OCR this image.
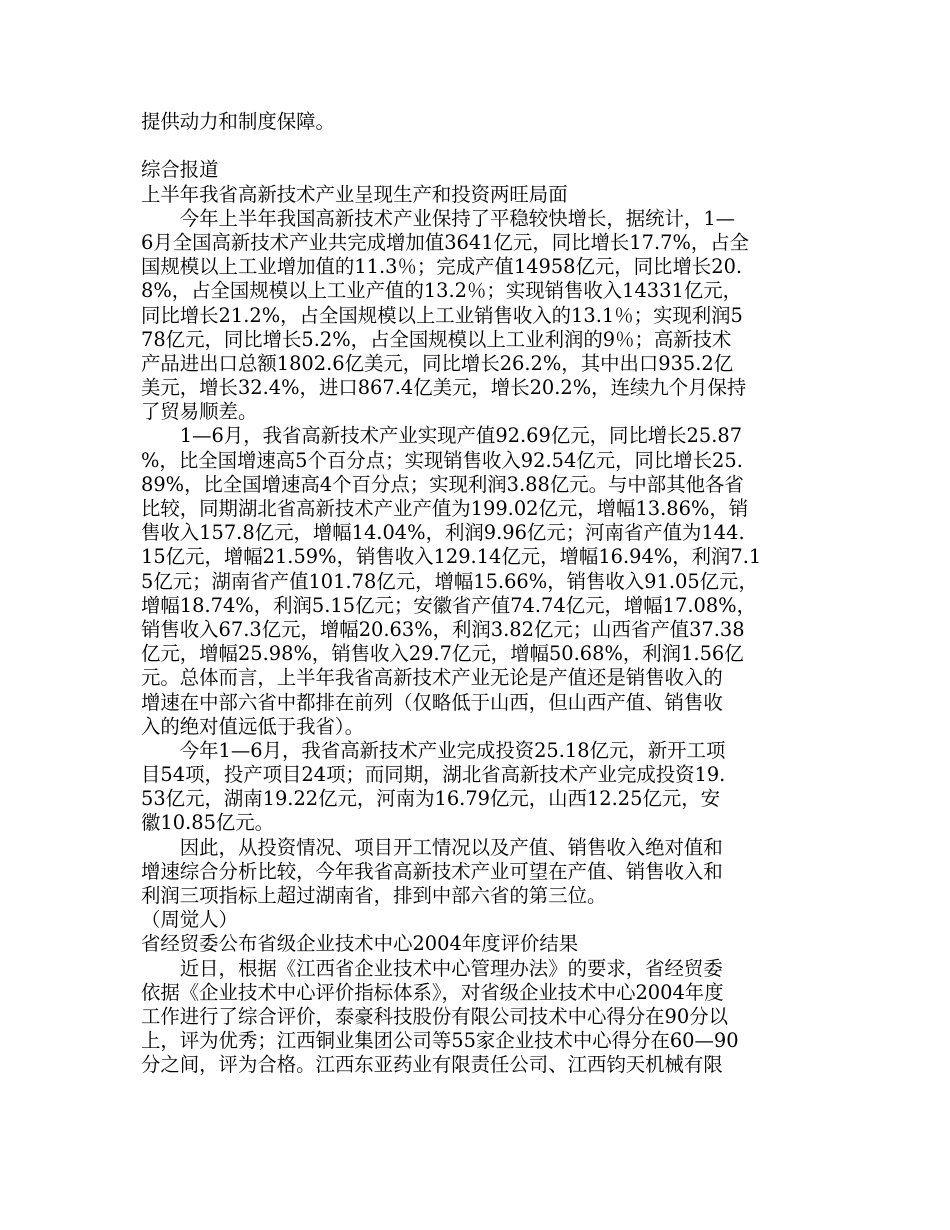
提供动力和制度保障。
综合报道
上半年我省高新技术产业呈现生产和投资两旺局面
　　今年上半年我国高新技术产业保持了平稳较快增长，据统计，1—
6月全国高新技术产业共完成增加值3641亿元，同比增长17.7%，占全
国规模以上工业增加值的11.3％；完成产值14958亿元，同比增长20.
8%，占全国规模以上工业产值的13.2％；实现销售收入14331亿元，
同比增长21.2%，占全国规模以上工业销售收入的13.1％；实现利润5
78亿元，同比增长5.2%，占全国规模以上工业利润的9％；高新技术
产品进出口总额1802.6亿美元，同比增长26.2%，其中出口935.2亿
美元，增长32.4%，进口867.4亿美元，增长20.2%，连续九个月保持
了贸易顺差。
　　1—6月，我省高新技术产业实现产值92.69亿元，同比增长25.87
%，比全国增速高5个百分点；实现销售收入92.54亿元，同比增长25.
89%，比全国增速高4个百分点；实现利润3.88亿元。与中部其他各省
比较，同期湖北省高新技术产业产值为199.02亿元，增幅13.86%，销
售收入157.8亿元，增幅14.04%，利润9.96亿元；河南省产值为144.
15亿元，增幅21.59%，销售收入129.14亿元，增幅16.94%，利润7.1
5亿元；湖南省产值101.78亿元，增幅15.66%，销售收入91.05亿元，
增幅18.74%，利润5.15亿元；安徽省产值74.74亿元，增幅17.08%，
销售收入67.3亿元，增幅20.63%，利润3.82亿元；山西省产值37.38
亿元，增幅25.98%，销售收入29.7亿元，增幅50.68%，利润1.56亿
元。总体而言，上半年我省高新技术产业无论是产值还是销售收入的
增速在中部六省中都排在前列（仅略低于山西，但山西产值、销售收
入的绝对值远低于我省）。
　　今年1—6月，我省高新技术产业完成投资25.18亿元，新开工项
目54项，投产项目24项；而同期，湖北省高新技术产业完成投资19.
53亿元，湖南19.22亿元，河南为16.79亿元，山西12.25亿元，安
徽10.85亿元。
　　因此，从投资情况、项目开工情况以及产值、销售收入绝对值和
增速综合分析比较，今年我省高新技术产业可望在产值、销售收入和
利润三项指标上超过湖南省，排到中部六省的第三位。
（周觉人）
省经贸委公布省级企业技术中心2004年度评价结果
　　近日，根据《江西省企业技术中心管理办法》的要求，省经贸委
依据《企业技术中心评价指标体系》，对省级企业技术中心2004年度
工作进行了综合评价，泰豪科技股份有限公司技术中心得分在90分以
上，评为优秀；江西铜业集团公司等55家企业技术中心得分在60—90
分之间，评为合格。江西东亚药业有限责任公司、江西钧天机械有限
